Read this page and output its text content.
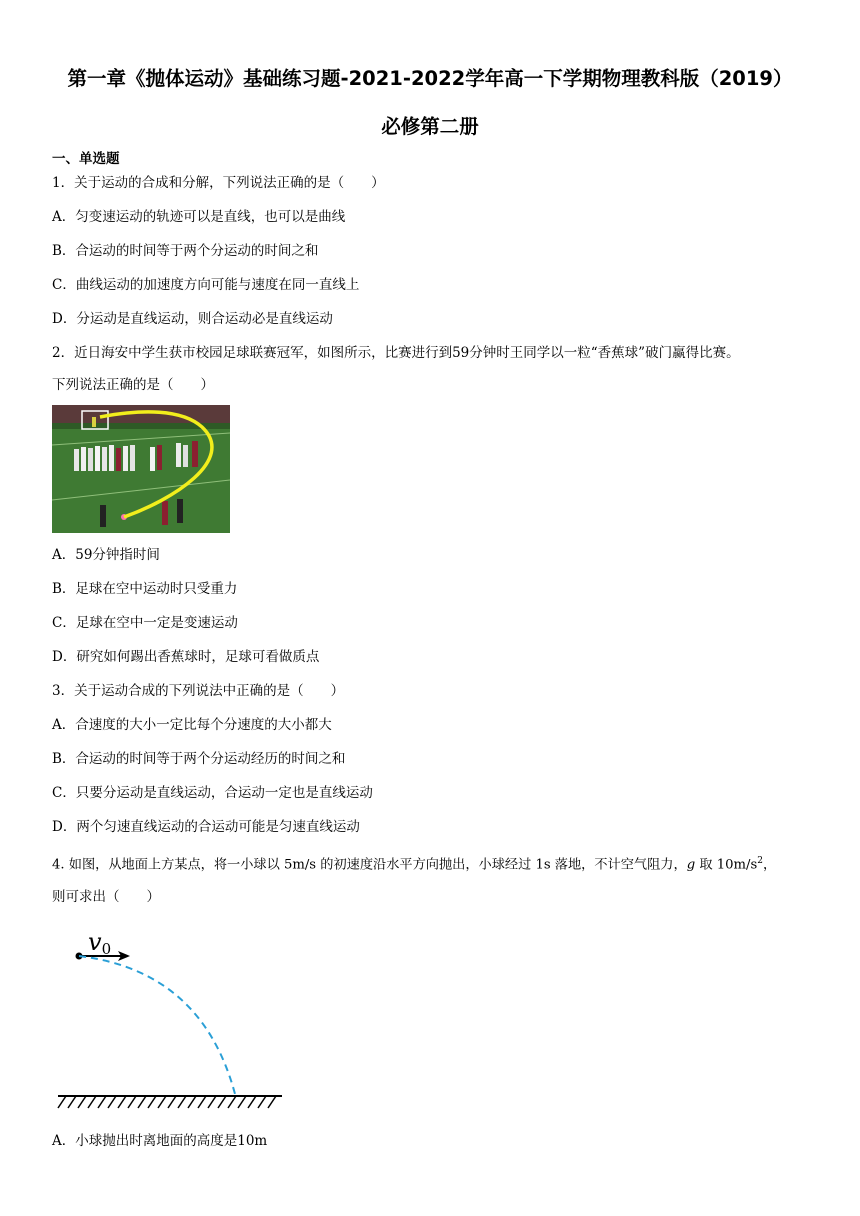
第一章《抛体运动》基础练习题-2021-2022学年高一下学期物理教科版（2019）
必修第二册
一、单选题
1．关于运动的合成和分解，下列说法正确的是（　　）
A．匀变速运动的轨迹可以是直线，也可以是曲线
B．合运动的时间等于两个分运动的时间之和
C．曲线运动的加速度方向可能与速度在同一直线上
D．分运动是直线运动，则合运动必是直线运动
2．近日海安中学生获市校园足球联赛冠军，如图所示，比赛进行到59分钟时王同学以一粒“香蕉球”破门赢得比赛。
下列说法正确的是（　　）
A．59分钟指时间
B．足球在空中运动时只受重力
C．足球在空中一定是变速运动
D．研究如何踢出香蕉球时，足球可看做质点
3．关于运动合成的下列说法中正确的是（　　）
A．合速度的大小一定比每个分速度的大小都大
B．合运动的时间等于两个分运动经历的时间之和
C．只要分运动是直线运动，合运动一定也是直线运动
D．两个匀速直线运动的合运动可能是匀速直线运动
4. 如图，从地面上方某点，将一小球以 5m/s 的初速度沿水平方向抛出，小球经过 1s 落地，不计空气阻力，g 取 $10m/s^2$，
则可求出（　　）
v0
A．小球抛出时离地面的高度是10m
